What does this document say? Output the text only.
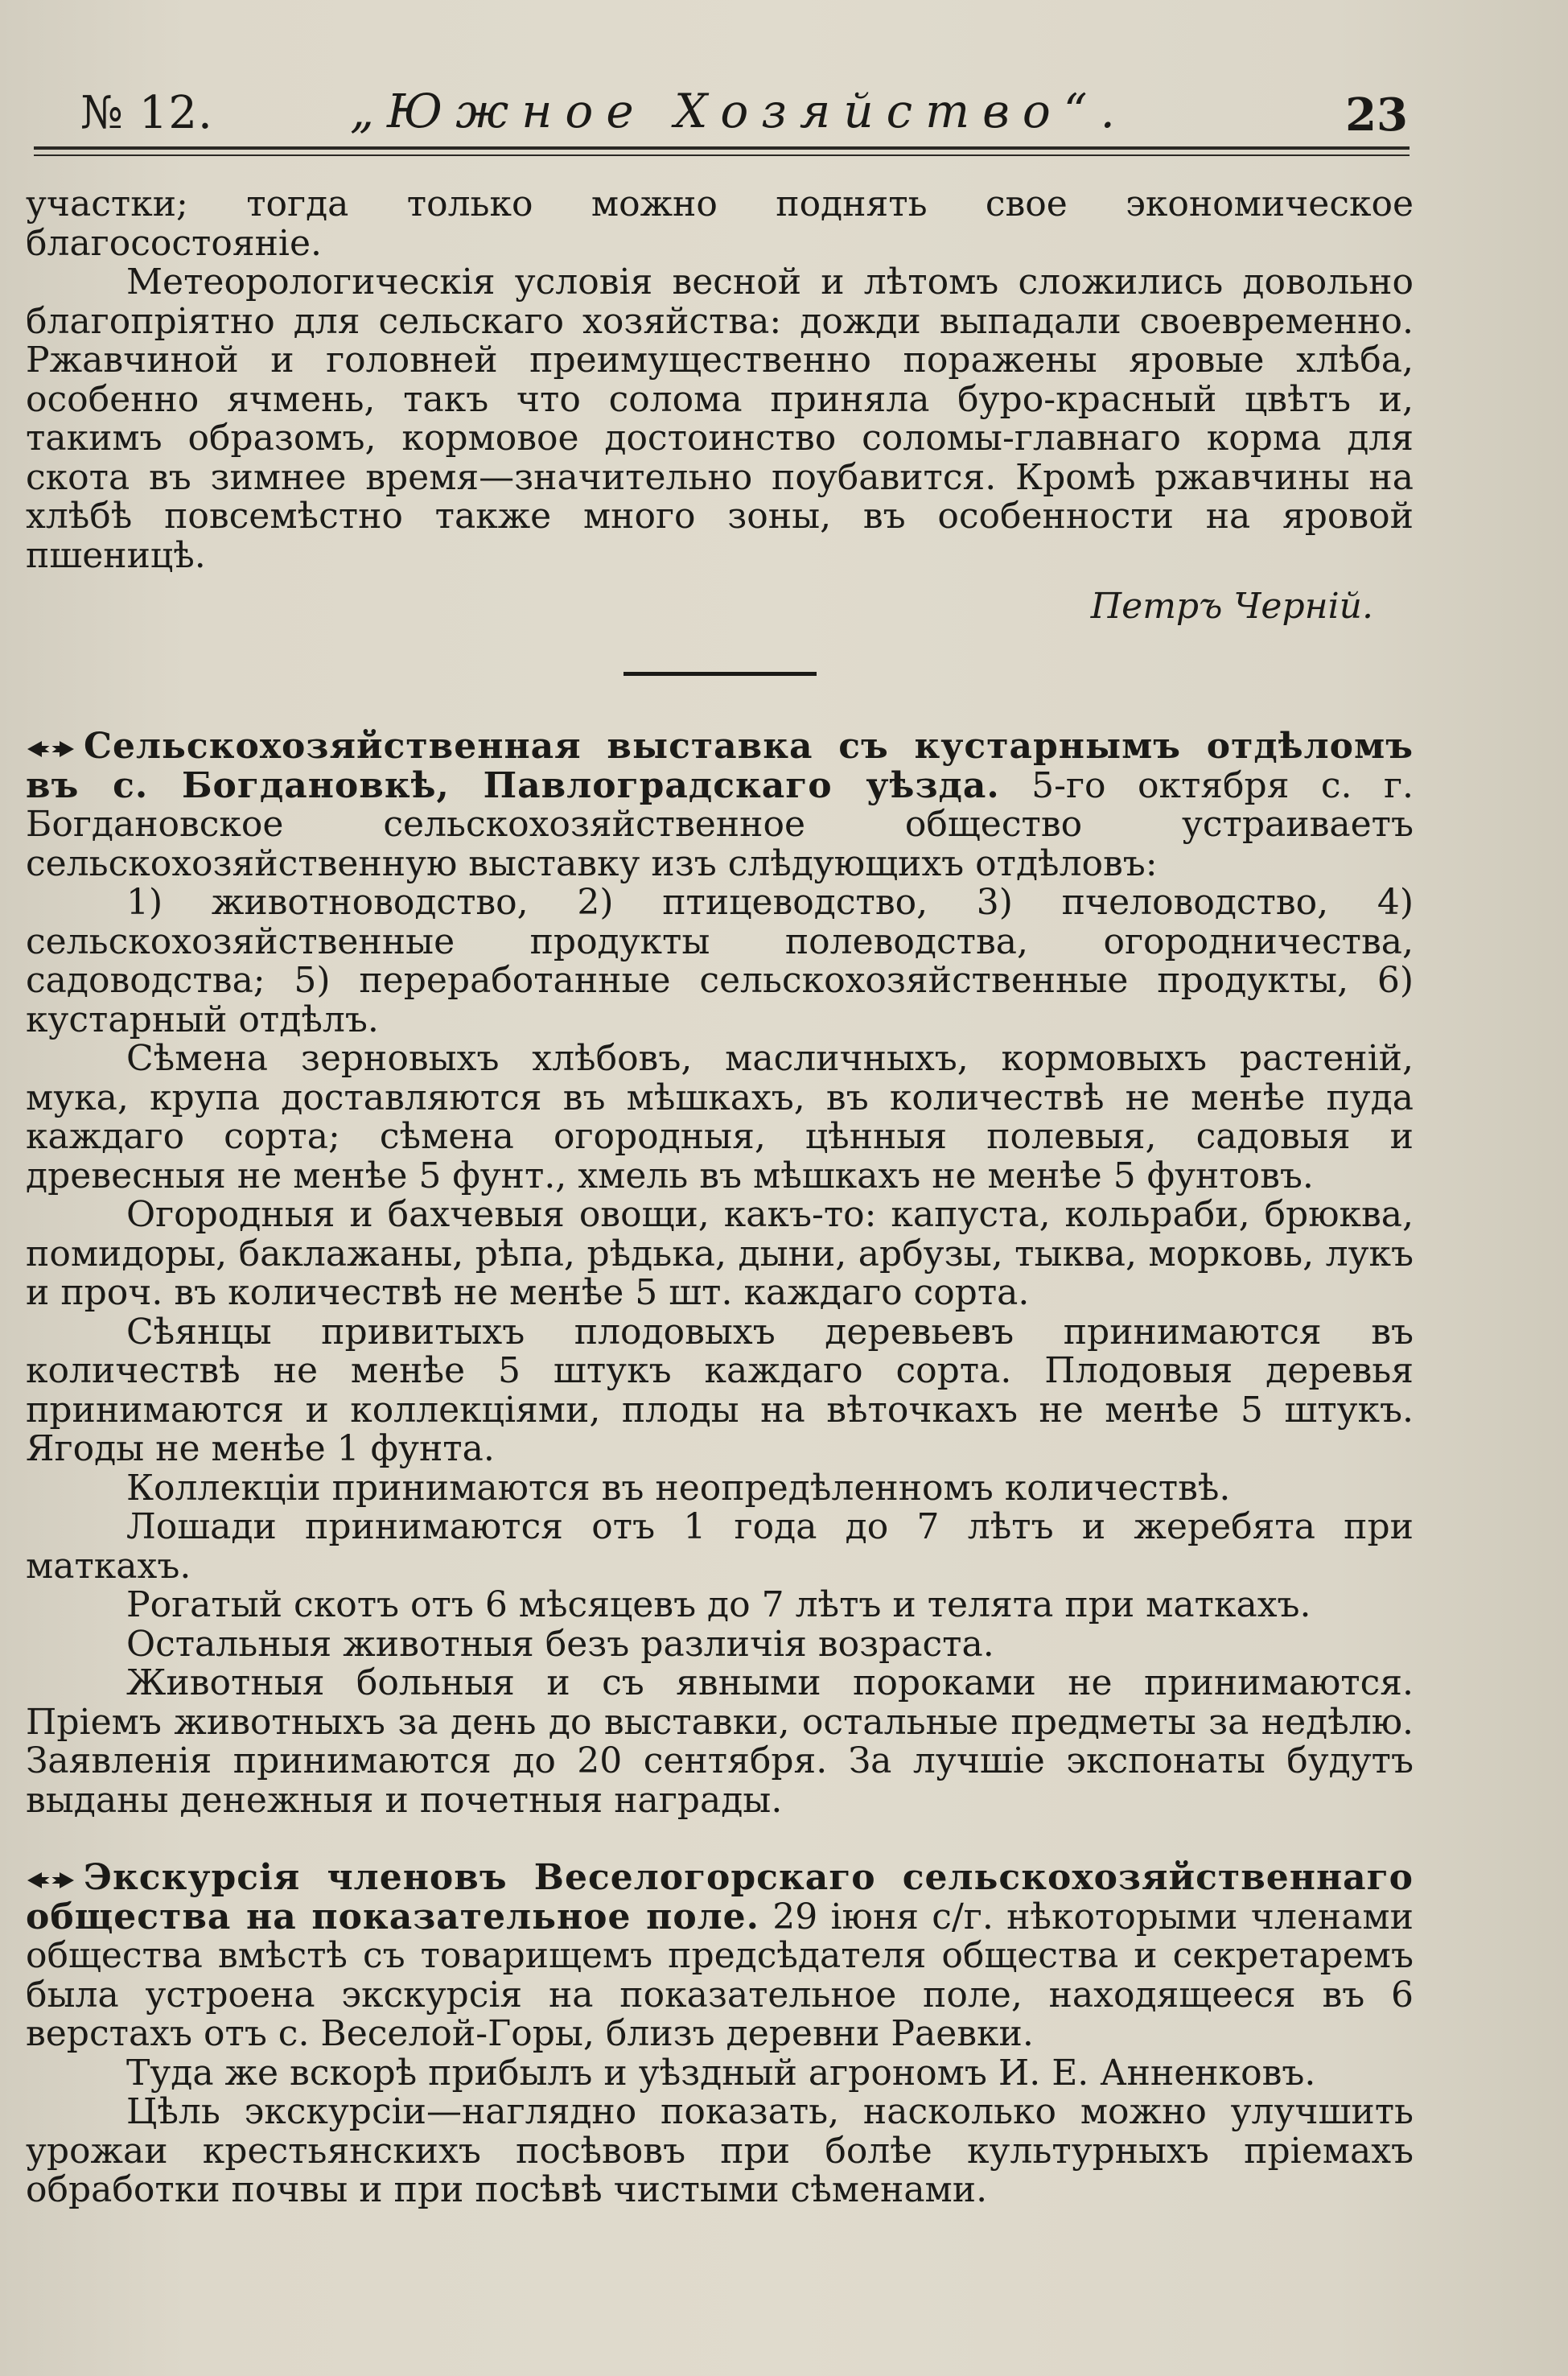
№ 12.	„Южное Хозяйство“.	23

участки; тогда только можно поднять свое экономическое благосостояніе.

Метеорологическія условія весной и лѣтомъ сложились довольно благопріятно для сельскаго хозяйства: дожди выпадали своевременно. Ржавчиной и головней преимущественно поражены яровые хлѣба, особенно ячмень, такъ что солома приняла буро-красный цвѣтъ и, такимъ образомъ, кормовое достоинство соломы-главнаго корма для скота въ зимнее время—значительно поубавится. Кромѣ ржавчины на хлѣбѣ повсемѣстно также много зоны, въ особенности на яровой пшеницѣ.

Петръ Черній.

Сельскохозяйственная выставка съ кустарнымъ отдѣломъ въ с. Богдановкѣ, Павлоградскаго уѣзда. 5-го октября с. г. Богдановское сельскохозяйственное общество устраиваетъ сельскохозяйственную выставку изъ слѣдующихъ отдѣловъ:

1) животноводство, 2) птицеводство, 3) пчеловодство, 4) сельскохозяйственные продукты полеводства, огородничества, садоводства; 5) переработанные сельскохозяйственные продукты, 6) кустарный отдѣлъ.

Сѣмена зерновыхъ хлѣбовъ, масличныхъ, кормовыхъ растеній, мука, крупа доставляются въ мѣшкахъ, въ количествѣ не менѣе пуда каждаго сорта; сѣмена огородныя, цѣнныя полевыя, садовыя и древесныя не менѣе 5 фунт., хмель въ мѣшкахъ не менѣе 5 фунтовъ.

Огородныя и бахчевыя овощи, какъ-то: капуста, кольраби, брюква, помидоры, баклажаны, рѣпа, рѣдька, дыни, арбузы, тыква, морковь, лукъ и проч. въ количествѣ не менѣе 5 шт. каждаго сорта.

Сѣянцы привитыхъ плодовыхъ деревьевъ принимаются въ количествѣ не менѣе 5 штукъ каждаго сорта. Плодовыя деревья принимаются и коллекціями, плоды на вѣточкахъ не менѣе 5 штукъ. Ягоды не менѣе 1 фунта.

Коллекціи принимаются въ неопредѣленномъ количествѣ.

Лошади принимаются отъ 1 года до 7 лѣтъ и жеребята при маткахъ.

Рогатый скотъ отъ 6 мѣсяцевъ до 7 лѣтъ и телята при маткахъ.

Остальныя животныя безъ различія возраста.

Животныя больныя и съ явными пороками не принимаются. Пріемъ животныхъ за день до выставки, остальные предметы за недѣлю. Заявленія принимаются до 20 сентября. За лучшіе экспонаты будутъ выданы денежныя и почетныя награды.

Экскурсія членовъ Веселогорскаго сельскохозяйственнаго общества на показательное поле. 29 іюня с/г. нѣкоторыми членами общества вмѣстѣ съ товарищемъ предсѣдателя общества и секретаремъ была устроена экскурсія на показательное поле, находящееся въ 6 верстахъ отъ с. Веселой-Горы, близъ деревни Раевки.

Туда же вскорѣ прибылъ и уѣздный агрономъ И. Е. Анненковъ.

Цѣль экскурсіи—наглядно показать, насколько можно улучшить урожаи крестьянскихъ посѣвовъ при болѣе культурныхъ пріемахъ обработки почвы и при посѣвѣ чистыми сѣменами.
